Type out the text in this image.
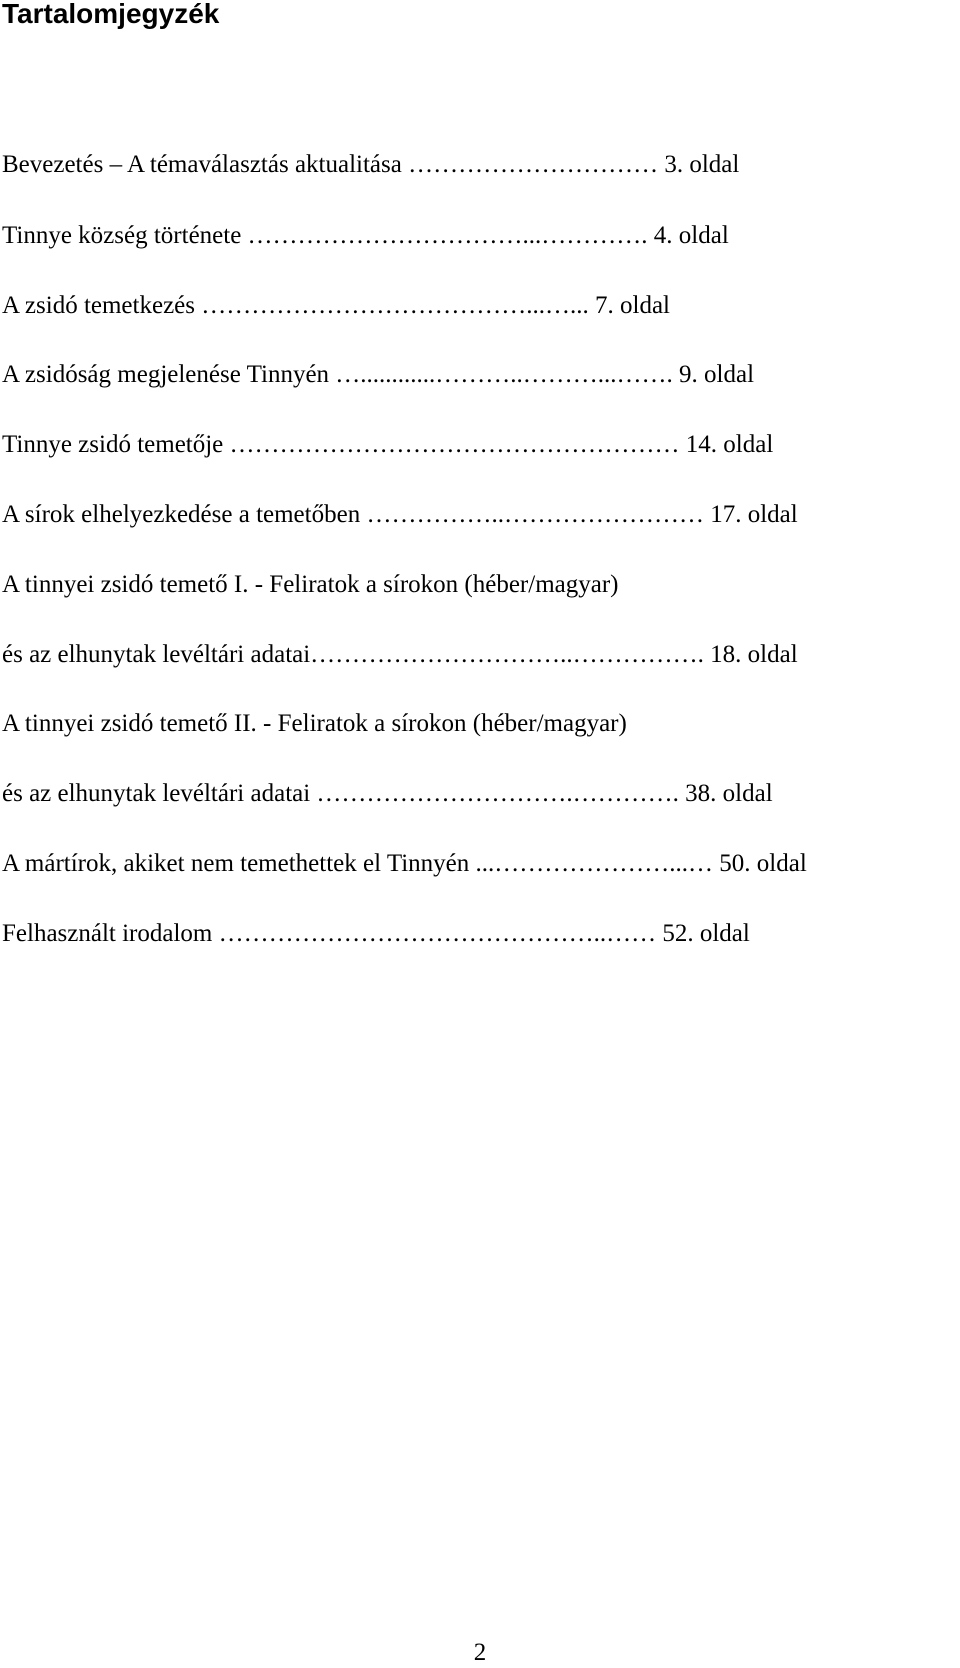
Tartalomjegyzék
Bevezetés – A témaválasztás aktualitása ………………………… 3. oldal
Tinnye község története ……………………………...…………. 4. oldal
A zsidó temetkezés …………………………………...…... 7. oldal
A zsidóság megjelenése Tinnyén …............………..………...……. 9. oldal
Tinnye zsidó temetője ……………………………………………… 14. oldal
A sírok elhelyezkedése a temetőben ……………..…………………… 17. oldal
A tinnyei zsidó temető I. - Feliratok a sírokon (héber/magyar)
és az elhunytak levéltári adatai…………………………..……………. 18. oldal
A tinnyei zsidó temető II. - Feliratok a sírokon (héber/magyar)
és az elhunytak levéltári adatai ………………………….…………. 38. oldal
A mártírok, akiket nem temethettek el Tinnyén ...…………………...… 50. oldal
Felhasznált irodalom ………………………………………..…… 52. oldal
2
